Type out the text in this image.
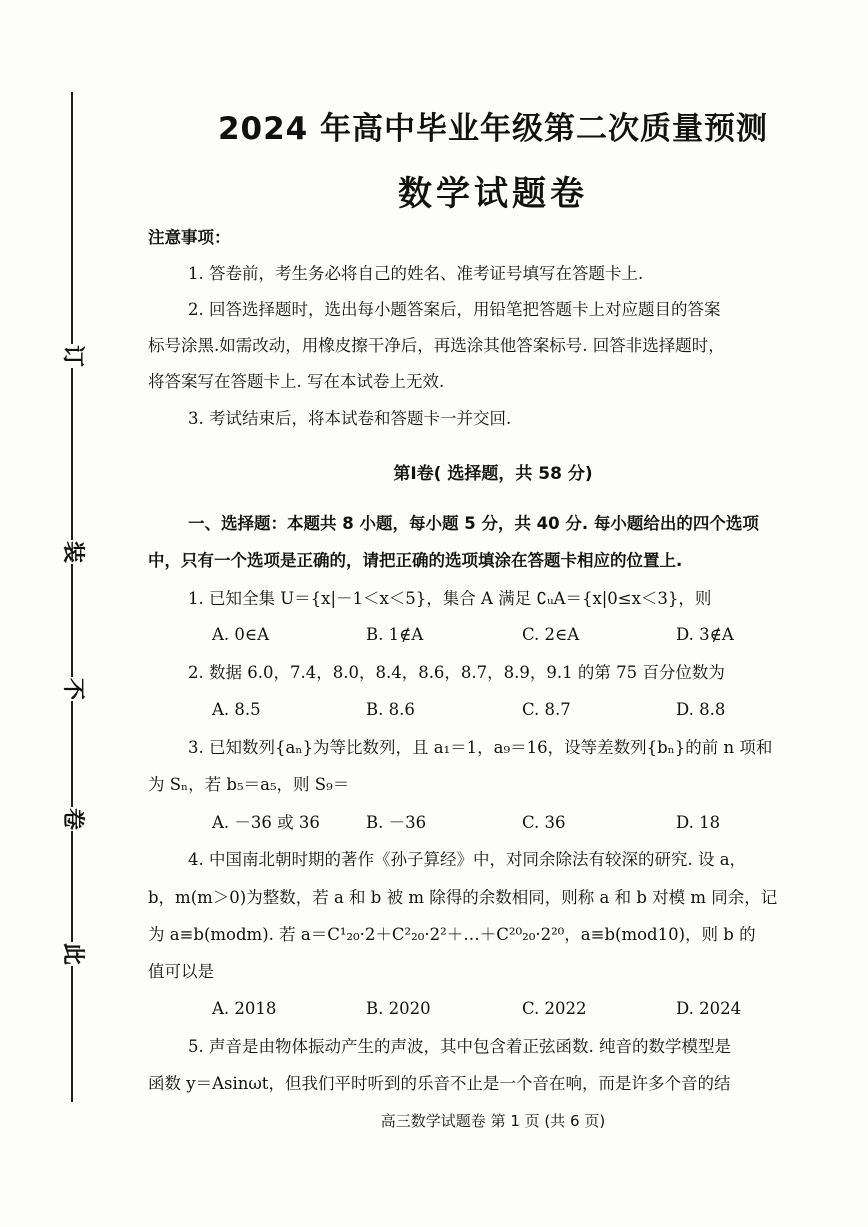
订
装
不
卷
此
2024 年高中毕业年级第二次质量预测
数学试题卷
注意事项：
1. 答卷前，考生务必将自己的姓名、准考证号填写在答题卡上.
2. 回答选择题时，选出每小题答案后，用铅笔把答题卡上对应题目的答案
标号涂黑.如需改动，用橡皮擦干净后，再选涂其他答案标号. 回答非选择题时，
将答案写在答题卡上. 写在本试卷上无效.
3. 考试结束后，将本试卷和答题卡一并交回.
第Ⅰ卷( 选择题，共 58 分)
一、选择题：本题共 8 小题，每小题 5 分，共 40 分. 每小题给出的四个选项
中，只有一个选项是正确的，请把正确的选项填涂在答题卡相应的位置上.
1. 已知全集 U＝{x|－1＜x＜5}，集合 A 满足 ∁ᵤA＝{x|0≤x＜3}，则
A. 0∈A	B. 1∉A	C. 2∈A	D. 3∉A
2. 数据 6.0，7.4，8.0，8.4，8.6，8.7，8.9，9.1 的第 75 百分位数为
A. 8.5	B. 8.6	C. 8.7	D. 8.8
3. 已知数列{aₙ}为等比数列，且 a₁＝1，a₉＝16，设等差数列{bₙ}的前 n 项和
为 Sₙ，若 b₅＝a₅，则 S₉＝
A. －36 或 36	B. －36	C. 36	D. 18
4. 中国南北朝时期的著作《孙子算经》中，对同余除法有较深的研究. 设 a，
b，m(m＞0)为整数，若 a 和 b 被 m 除得的余数相同，则称 a 和 b 对模 m 同余，记
为 a≡b(modm). 若 a＝C¹₂₀·2＋C²₂₀·2²＋…＋C²⁰₂₀·2²⁰，a≡b(mod10)，则 b 的
值可以是
A. 2018	B. 2020	C. 2022	D. 2024
5. 声音是由物体振动产生的声波，其中包含着正弦函数. 纯音的数学模型是
函数 y＝Asinωt，但我们平时听到的乐音不止是一个音在响，而是许多个音的结
高三数学试题卷 第 1 页 (共 6 页)
